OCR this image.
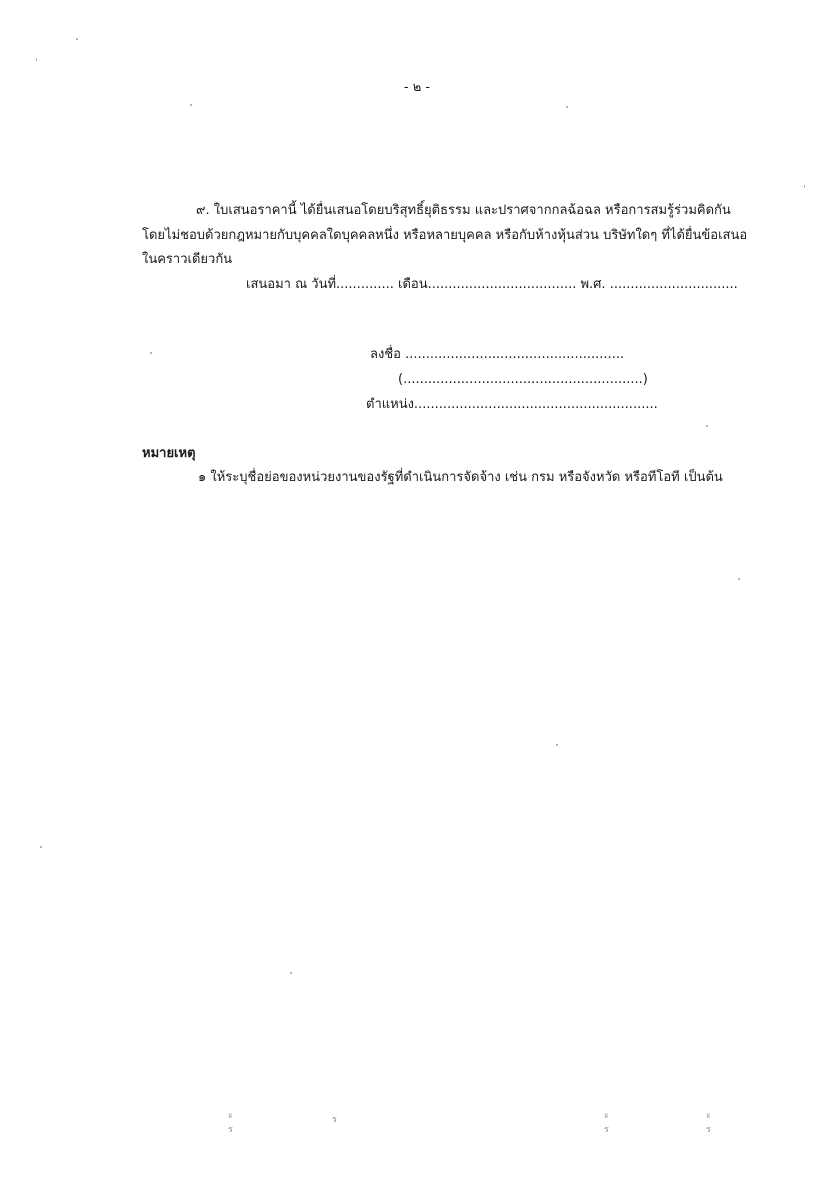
- ๒ -
๙. ใบเสนอราคานี้ ได้ยื่นเสนอโดยบริสุทธิ์ยุติธรรม และปราศจากกลฉ้อฉล หรือการสมรู้ร่วมคิดกัน
โดยไม่ชอบด้วยกฎหมายกับบุคคลใดบุคคลหนึ่ง หรือหลายบุคคล หรือกับห้างหุ้นส่วน บริษัทใดๆ ที่ได้ยื่นข้อเสนอ
ในคราวเดียวกัน
เสนอมา ณ วันที่.............. เดือน.................................... พ.ศ. ...............................
ลงชื่อ .....................................................
(..........................................................)
ตำแหน่ง...........................................................
หมายเหตุ
๑ ให้ระบุชื่อย่อของหน่วยงานของรัฐที่ดำเนินการจัดจ้าง เช่น กรม หรือจังหวัด หรือทีโอที เป็นต้น
ะ
ร
ร	ะ
ร
ะ
ร
